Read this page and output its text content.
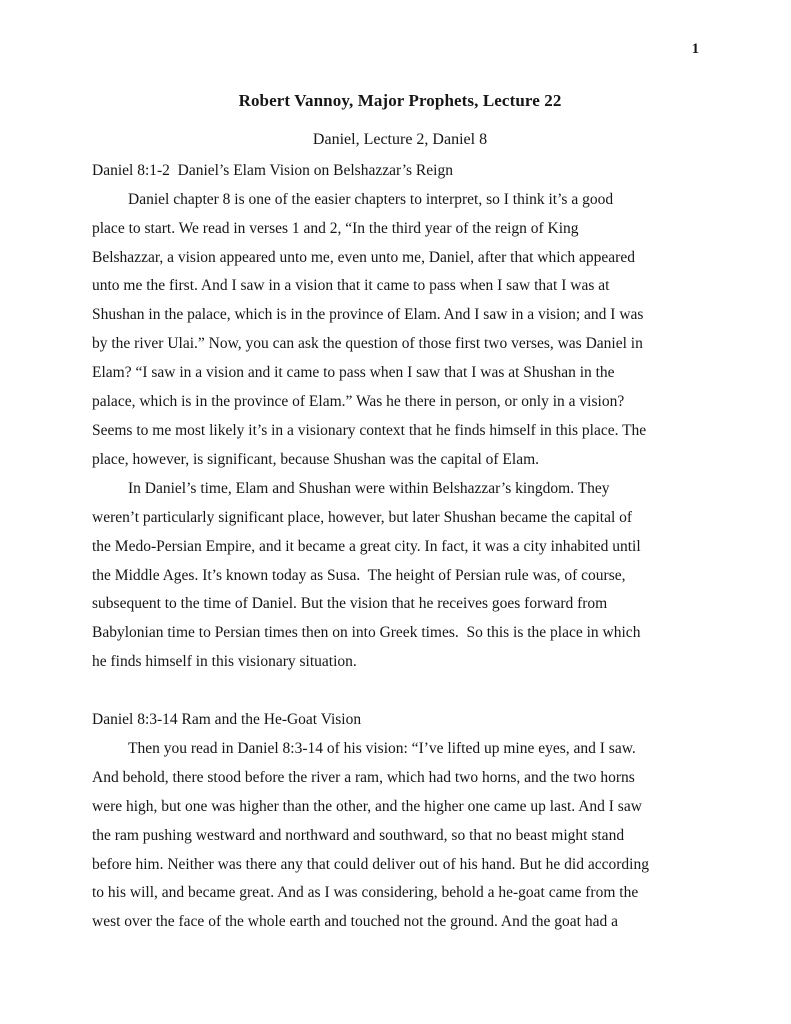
1
Robert Vannoy, Major Prophets, Lecture 22
Daniel, Lecture 2, Daniel 8
Daniel 8:1-2  Daniel’s Elam Vision on Belshazzar’s Reign
Daniel chapter 8 is one of the easier chapters to interpret, so I think it’s a good
place to start. We read in verses 1 and 2, “In the third year of the reign of King
Belshazzar, a vision appeared unto me, even unto me, Daniel, after that which appeared
unto me the first. And I saw in a vision that it came to pass when I saw that I was at
Shushan in the palace, which is in the province of Elam. And I saw in a vision; and I was
by the river Ulai.” Now, you can ask the question of those first two verses, was Daniel in
Elam? “I saw in a vision and it came to pass when I saw that I was at Shushan in the
palace, which is in the province of Elam.” Was he there in person, or only in a vision?
Seems to me most likely it’s in a visionary context that he finds himself in this place. The
place, however, is significant, because Shushan was the capital of Elam.
In Daniel’s time, Elam and Shushan were within Belshazzar’s kingdom. They
weren’t particularly significant place, however, but later Shushan became the capital of
the Medo-Persian Empire, and it became a great city. In fact, it was a city inhabited until
the Middle Ages. It’s known today as Susa.  The height of Persian rule was, of course,
subsequent to the time of Daniel. But the vision that he receives goes forward from
Babylonian time to Persian times then on into Greek times.  So this is the place in which
he finds himself in this visionary situation.
Daniel 8:3-14 Ram and the He-Goat Vision
Then you read in Daniel 8:3-14 of his vision: “I’ve lifted up mine eyes, and I saw.
And behold, there stood before the river a ram, which had two horns, and the two horns
were high, but one was higher than the other, and the higher one came up last. And I saw
the ram pushing westward and northward and southward, so that no beast might stand
before him. Neither was there any that could deliver out of his hand. But he did according
to his will, and became great. And as I was considering, behold a he-goat came from the
west over the face of the whole earth and touched not the ground. And the goat had a
